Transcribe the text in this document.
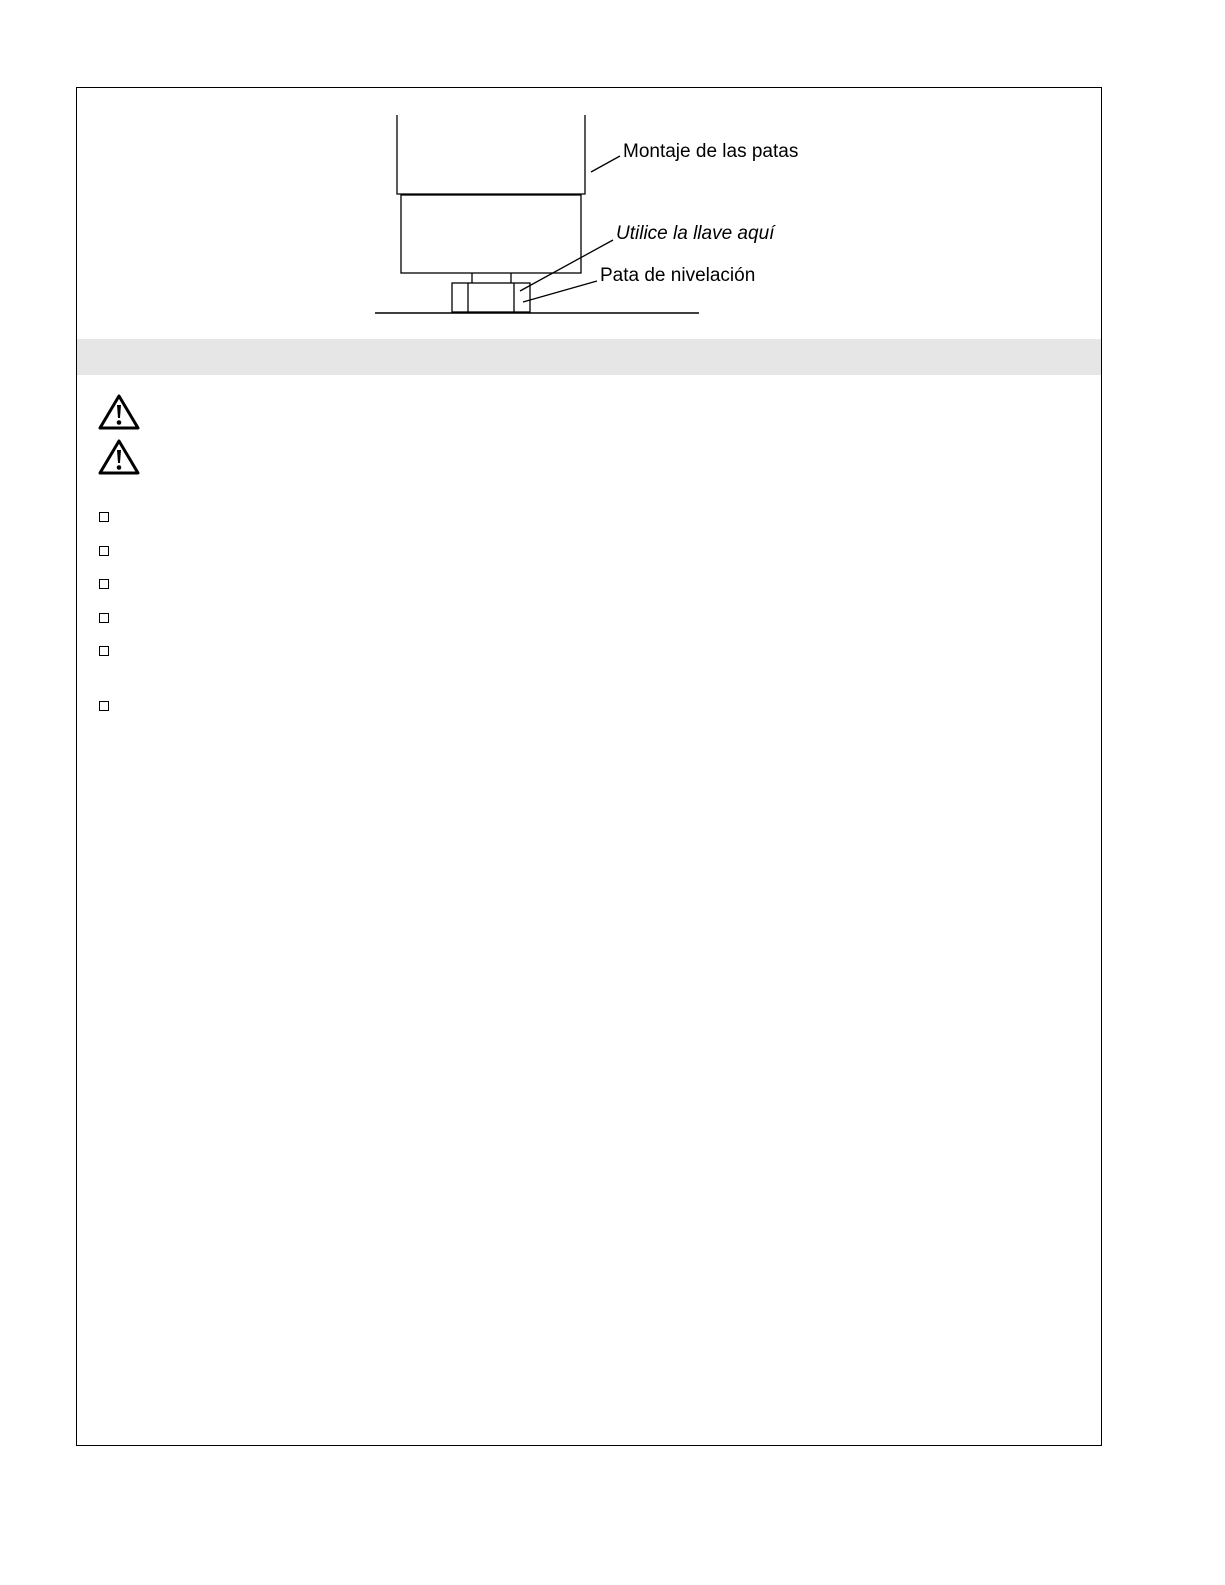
Montaje de las patas
Utilice la llave aquí
Pata de nivelación
